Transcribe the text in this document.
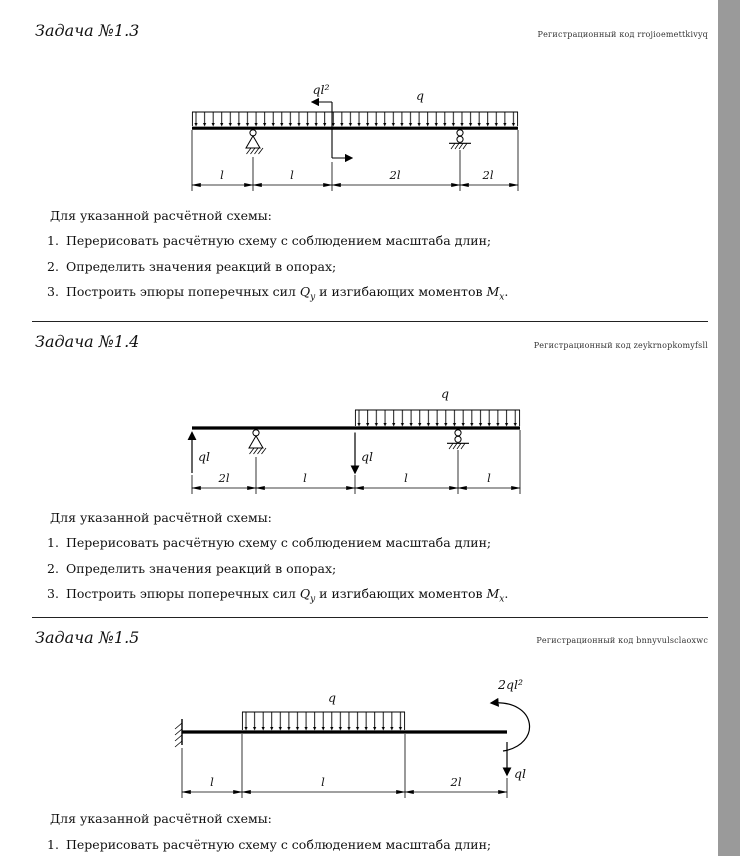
Задача №1.3	Регистрационный код rrojioemettkivyq
q
ql²
l	l	2l	2l

Для указанной расчётной схемы:

1. Перерисовать расчётную схему с соблюдением масштаба длин;
2. Определить значения реакций в опорах;
3. Построить эпюры поперечных сил $Q_y$ и изгибающих моментов $M_x$.
Задача №1.4	Регистрационный код zeykrnopkomyfsll
q
ql	ql
2l	l	l	l

Для указанной расчётной схемы:

1. Перерисовать расчётную схему с соблюдением масштаба длин;
2. Определить значения реакций в опорах;
3. Построить эпюры поперечных сил $Q_y$ и изгибающих моментов $M_x$.
Задача №1.5	Регистрационный код bnnyvulsclaoxwc
q
2ql²
ql
l	l	2l

Для указанной расчётной схемы:

1. Перерисовать расчётную схему с соблюдением масштаба длин;
